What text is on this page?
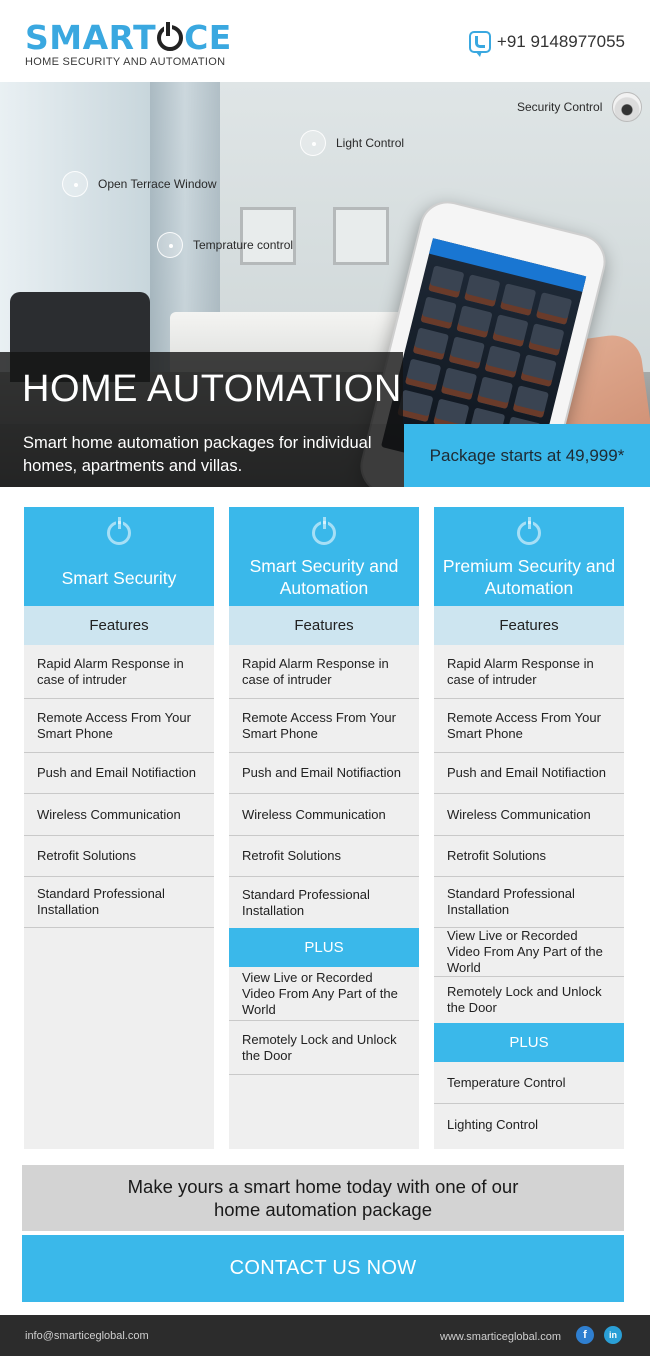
SMART CE
HOME SECURITY AND AUTOMATION
+91 9148977055
Security Control
Light Control
Open Terrace Window
Temprature control
HOME AUTOMATION
Smart home automation packages for individual homes, apartments and villas.
Package starts at 49,999*
Smart Security
Features
Rapid Alarm Response in case of intruder
Remote Access From Your Smart Phone
Push and Email Notifiaction
Wireless Communication
Retrofit Solutions
Standard Professional Installation
Smart Security and Automation
Features
Rapid Alarm Response in case of intruder
Remote Access From Your Smart Phone
Push and Email Notifiaction
Wireless Communication
Retrofit Solutions
Standard Professional Installation
PLUS
View Live or Recorded Video From Any Part of the World
Remotely Lock and Unlock the Door
Premium Security and Automation
Features
Rapid Alarm Response in case of intruder
Remote Access From Your Smart Phone
Push and Email Notifiaction
Wireless Communication
Retrofit Solutions
Standard Professional Installation
View Live or Recorded Video From Any Part of the World
Remotely Lock and Unlock the Door
PLUS
Temperature Control
Lighting Control
Make yours a smart home today with one of our
home automation package
CONTACT US NOW
info@smarticeglobal.com	www.smarticeglobal.com	f	in
